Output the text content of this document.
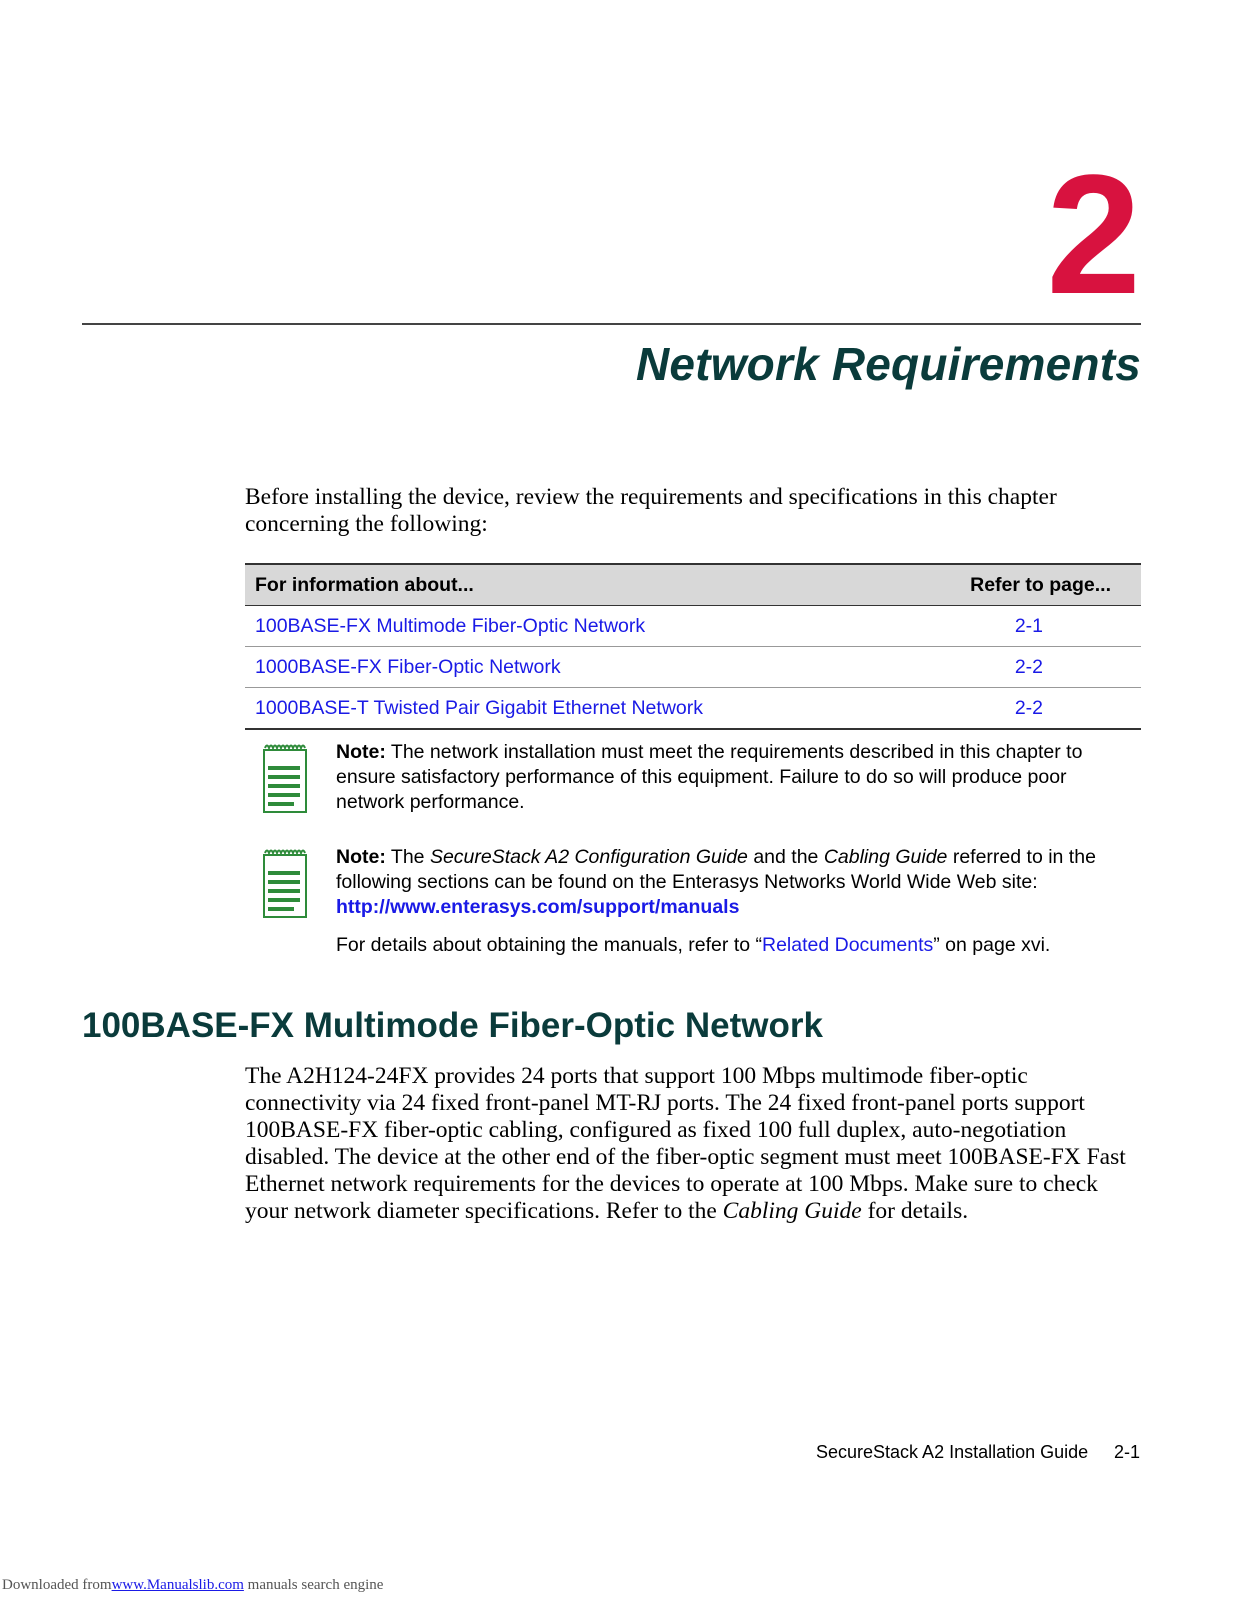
2
Network Requirements
Before installing the device, review the requirements and specifications in this chapter concerning the following:
For information about...	Refer to page...
100BASE-FX Multimode Fiber-Optic Network	2-1
1000BASE-FX Fiber-Optic Network	2-2
1000BASE-T Twisted Pair Gigabit Ethernet Network	2-2
Note: The network installation must meet the requirements described in this chapter to ensure satisfactory performance of this equipment. Failure to do so will produce poor network performance.
Note: The SecureStack A2 Configuration Guide and the Cabling Guide referred to in the following sections can be found on the Enterasys Networks World Wide Web site:
http://www.enterasys.com/support/manuals
For details about obtaining the manuals, refer to “Related Documents” on page xvi.
100BASE-FX Multimode Fiber-Optic Network
The A2H124-24FX provides 24 ports that support 100 Mbps multimode fiber-optic connectivity via 24 fixed front-panel MT-RJ ports. The 24 fixed front-panel ports support 100BASE-FX fiber-optic cabling, configured as fixed 100 full duplex, auto-negotiation disabled. The device at the other end of the fiber-optic segment must meet 100BASE-FX Fast Ethernet network requirements for the devices to operate at 100 Mbps. Make sure to check your network diameter specifications. Refer to the Cabling Guide for details.
SecureStack A2 Installation Guide 2-1
Downloaded fromwww.Manualslib.com manuals search engine
